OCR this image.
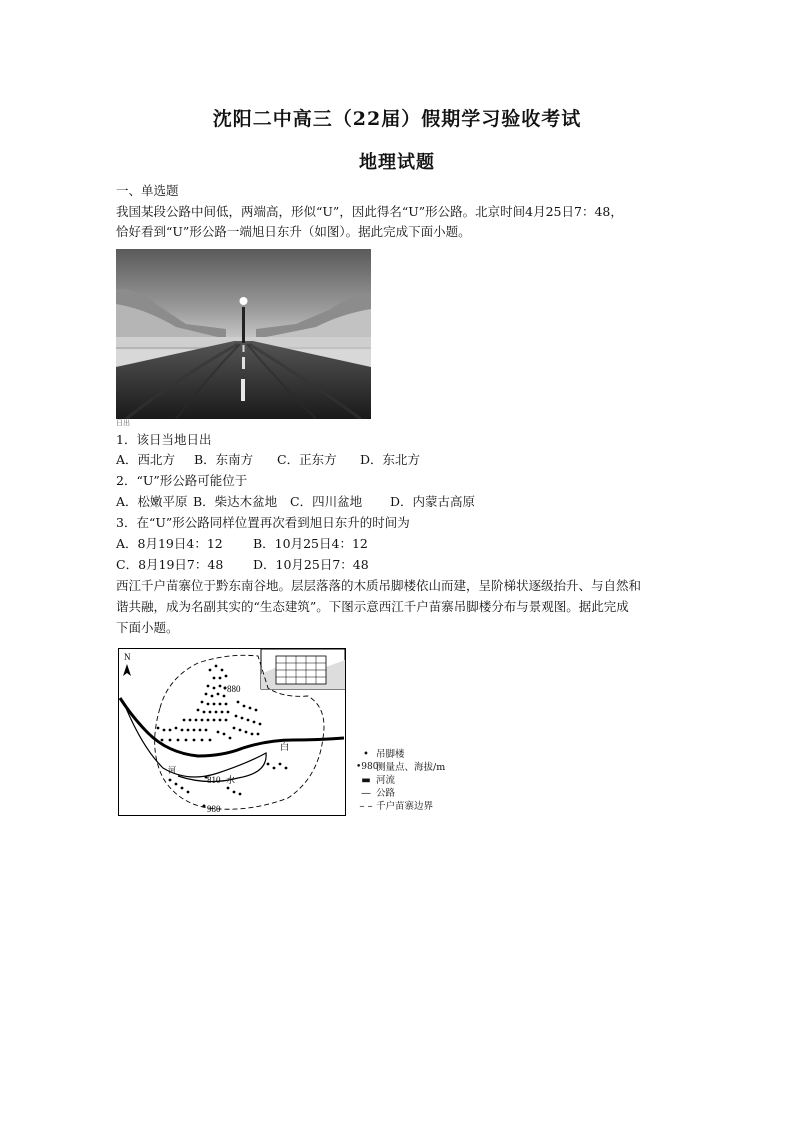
沈阳二中高三（22届）假期学习验收考试
地理试题
一、单选题
我国某段公路中间低，两端高，形似“U”，因此得名“U”形公路。北京时间4月25日7：48，
恰好看到“U”形公路一端旭日东升（如图）。据此完成下面小题。
日出
1．该日当地日出
A．西北方 B．东南方 C．正东方 D．东北方
2．“U”形公路可能位于
A．松嫩平原 B．柴达木盆地 C．四川盆地 D．内蒙古高原
3．在“U”形公路同样位置再次看到旭日东升的时间为
A．8月19日4：12 B．10月25日4：12
C．8月19日7：48 D．10月25日7：48
西江千户苗寨位于黔东南谷地。层层落落的木质吊脚楼依山而建，呈阶梯状逐级抬升、与自然和
谐共融，成为名副其实的“生态建筑”。下图示意西江千户苗寨吊脚楼分布与景观图。据此完成
下面小题。
N
880
810 水
980
白
河
• 吊脚楼
•980
测量点、海拔/m
▬ 河流
— 公路
– – 千户苗寨边界
